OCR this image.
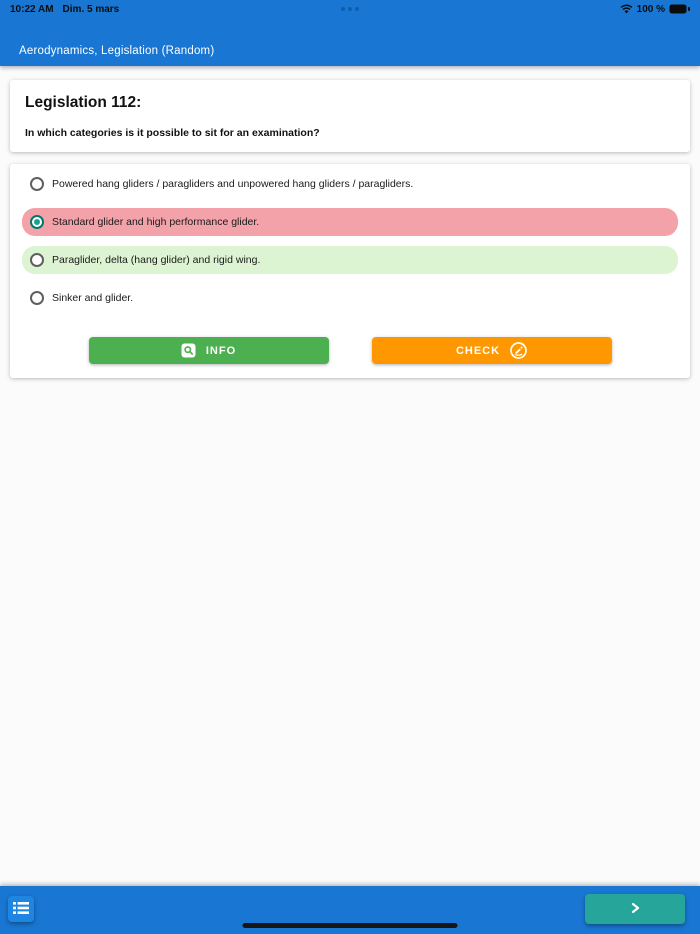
10:22 AM Dim. 5 mars	100 %
Aerodynamics, Legislation (Random)
Legislation 112:
In which categories is it possible to sit for an examination?
Powered hang gliders / paragliders and unpowered hang gliders / paragliders.
Standard glider and high performance glider.
Paraglider, delta (hang glider) and rigid wing.
Sinker and glider.
INFO	CHECK
